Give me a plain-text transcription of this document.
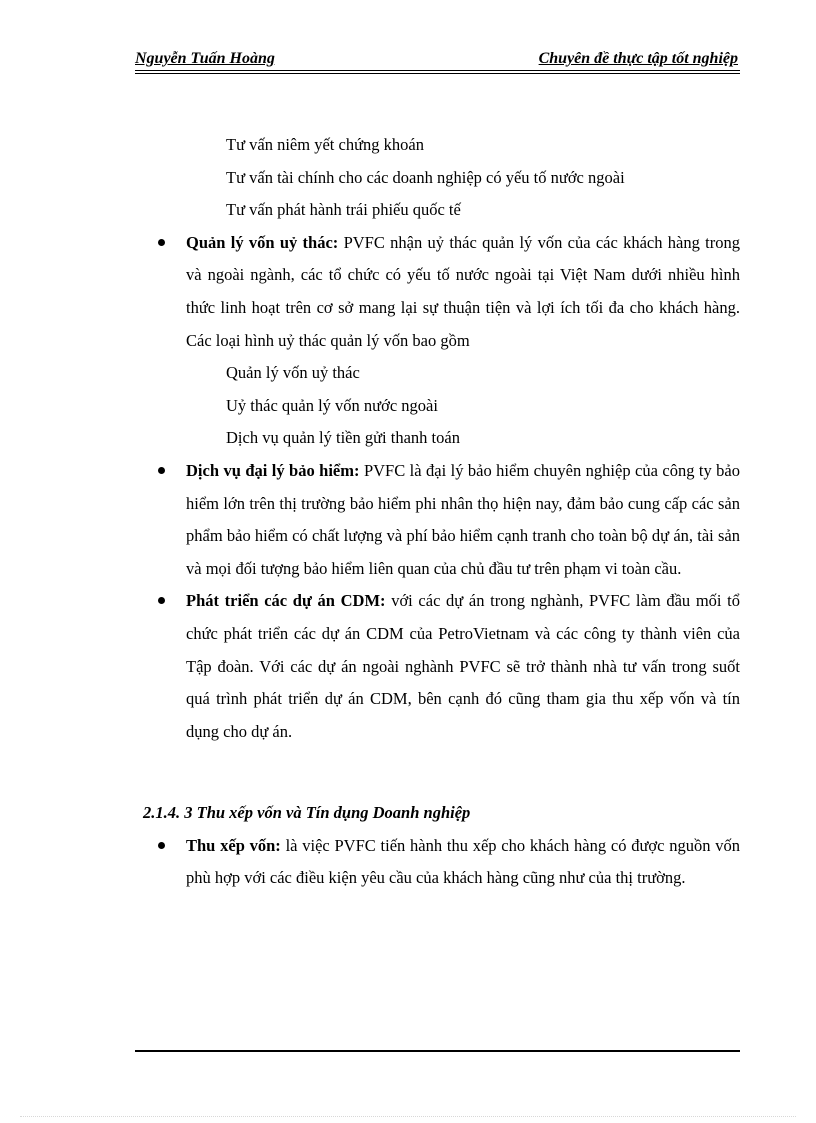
Nguyễn Tuấn Hoàng	Chuyên đề thực tập tốt nghiệp
Tư vấn niêm yết chứng khoán
Tư vấn tài chính cho các doanh nghiệp có yếu tố nước ngoài
Tư vấn phát hành trái phiếu quốc tế
Quản lý vốn uỷ thác: PVFC nhận uỷ thác quản lý vốn của các khách hàng trong và ngoài ngành, các tổ chức có yếu tố nước ngoài tại Việt Nam dưới nhiều hình thức linh hoạt trên cơ sở mang lại sự thuận tiện và lợi ích tối đa cho khách hàng. Các loại hình uỷ thác quản lý vốn bao gồm
Quản lý vốn uỷ thác
Uỷ thác quản lý vốn nước ngoài
Dịch vụ quản lý tiền gửi thanh toán
Dịch vụ đại lý bảo hiểm: PVFC là đại lý bảo hiểm chuyên nghiệp của công ty bảo hiểm lớn trên thị trường bảo hiểm phi nhân thọ hiện nay, đảm bảo cung cấp các sản phẩm bảo hiểm có chất lượng và phí bảo hiểm cạnh tranh cho toàn bộ dự án, tài sản và mọi đối tượng bảo hiểm liên quan của chủ đầu tư trên phạm vi toàn cầu.
Phát triển các dự án CDM: với các dự án trong nghành, PVFC làm đầu mối tổ chức phát triển các dự án CDM của PetroVietnam và các công ty thành viên của Tập đoàn. Với các dự án ngoài nghành PVFC sẽ trở thành nhà tư vấn trong suốt quá trình phát triển dự án CDM, bên cạnh đó cũng tham gia thu xếp vốn và tín dụng cho dự án.
2.1.4. 3 Thu xếp vốn và Tín dụng Doanh nghiệp
Thu xếp vốn: là việc PVFC tiến hành thu xếp cho khách hàng có được nguồn vốn phù hợp với các điều kiện yêu cầu của khách hàng cũng như của thị trường.
